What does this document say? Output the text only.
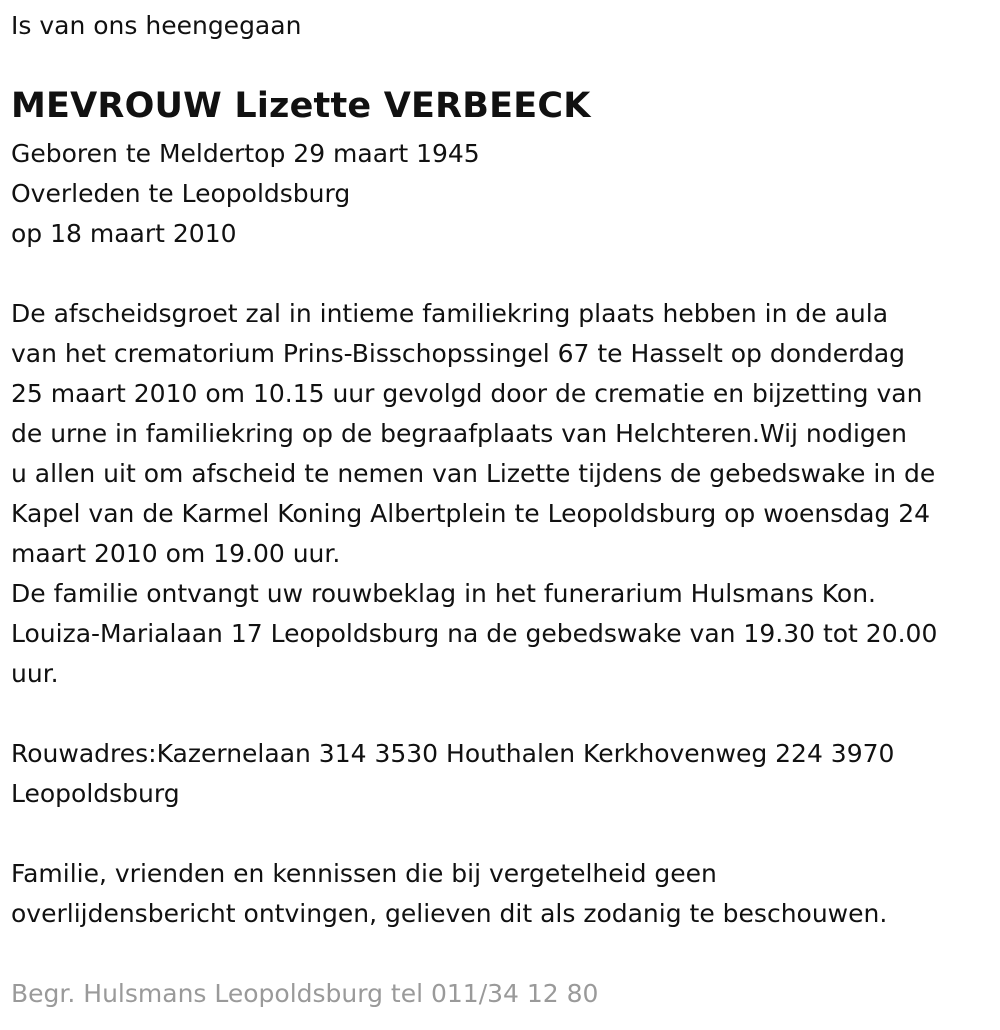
Is van ons heengegaan
MEVROUW Lizette VERBEECK

Geboren te Meldertop 29 maart 1945

Overleden te Leopoldsburg

op 18 maart 2010

De afscheidsgroet zal in intieme familiekring plaats hebben in de aula

van het crematorium Prins-Bisschopssingel 67 te Hasselt op donderdag

25 maart 2010 om 10.15 uur gevolgd door de crematie en bijzetting van

de urne in familiekring op de begraafplaats van Helchteren.Wij nodigen

u allen uit om afscheid te nemen van Lizette tijdens de gebedswake in de

Kapel van de Karmel Koning Albertplein te Leopoldsburg op woensdag 24

maart 2010 om 19.00 uur.

De familie ontvangt uw rouwbeklag in het funerarium Hulsmans Kon.

Louiza-Marialaan 17 Leopoldsburg na de gebedswake van 19.30 tot 20.00

uur.

Rouwadres:Kazernelaan 314 3530 Houthalen Kerkhovenweg 224 3970

Leopoldsburg

Familie, vrienden en kennissen die bij vergetelheid geen

overlijdensbericht ontvingen, gelieven dit als zodanig te beschouwen.

Begr. Hulsmans Leopoldsburg tel 011/34 12 80
